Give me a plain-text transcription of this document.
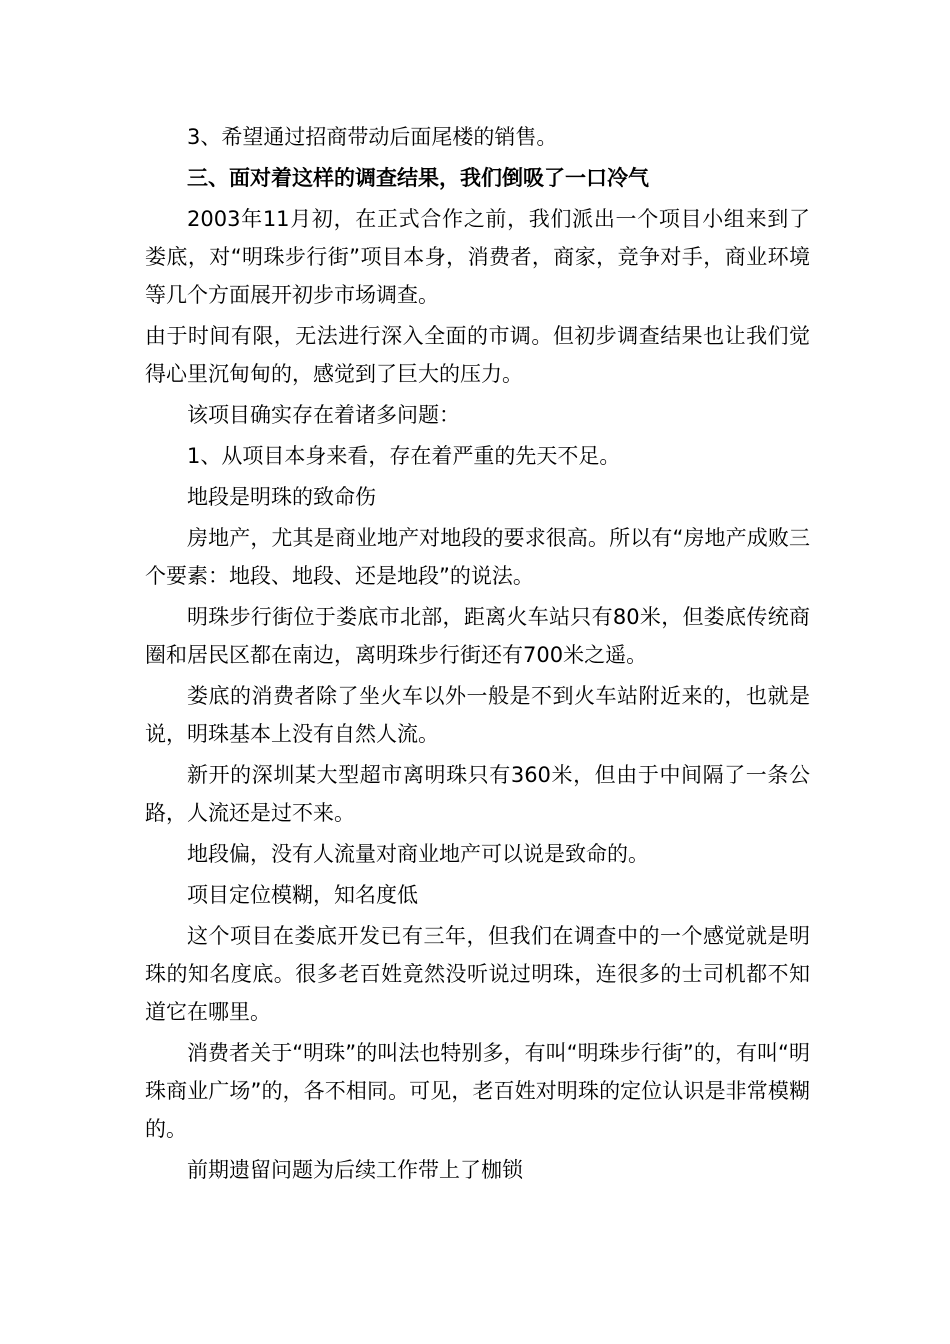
3、希望通过招商带动后面尾楼的销售。

三、面对着这样的调查结果，我们倒吸了一口冷气

2003年11月初，在正式合作之前，我们派出一个项目小组来到了娄底，对“明珠步行街”项目本身，消费者，商家，竞争对手，商业环境等几个方面展开初步市场调查。

由于时间有限，无法进行深入全面的市调。但初步调查结果也让我们觉得心里沉甸甸的，感觉到了巨大的压力。

该项目确实存在着诸多问题：

1、从项目本身来看，存在着严重的先天不足。

地段是明珠的致命伤

房地产，尤其是商业地产对地段的要求很高。所以有“房地产成败三个要素：地段、地段、还是地段”的说法。

明珠步行街位于娄底市北部，距离火车站只有80米，但娄底传统商圈和居民区都在南边，离明珠步行街还有700米之遥。

娄底的消费者除了坐火车以外一般是不到火车站附近来的，也就是说，明珠基本上没有自然人流。

新开的深圳某大型超市离明珠只有360米，但由于中间隔了一条公路，人流还是过不来。

地段偏，没有人流量对商业地产可以说是致命的。

项目定位模糊，知名度低

这个项目在娄底开发已有三年，但我们在调查中的一个感觉就是明珠的知名度底。很多老百姓竟然没听说过明珠，连很多的士司机都不知道它在哪里。

消费者关于“明珠”的叫法也特别多，有叫“明珠步行街”的，有叫“明珠商业广场”的，各不相同。可见，老百姓对明珠的定位认识是非常模糊的。

前期遗留问题为后续工作带上了枷锁
